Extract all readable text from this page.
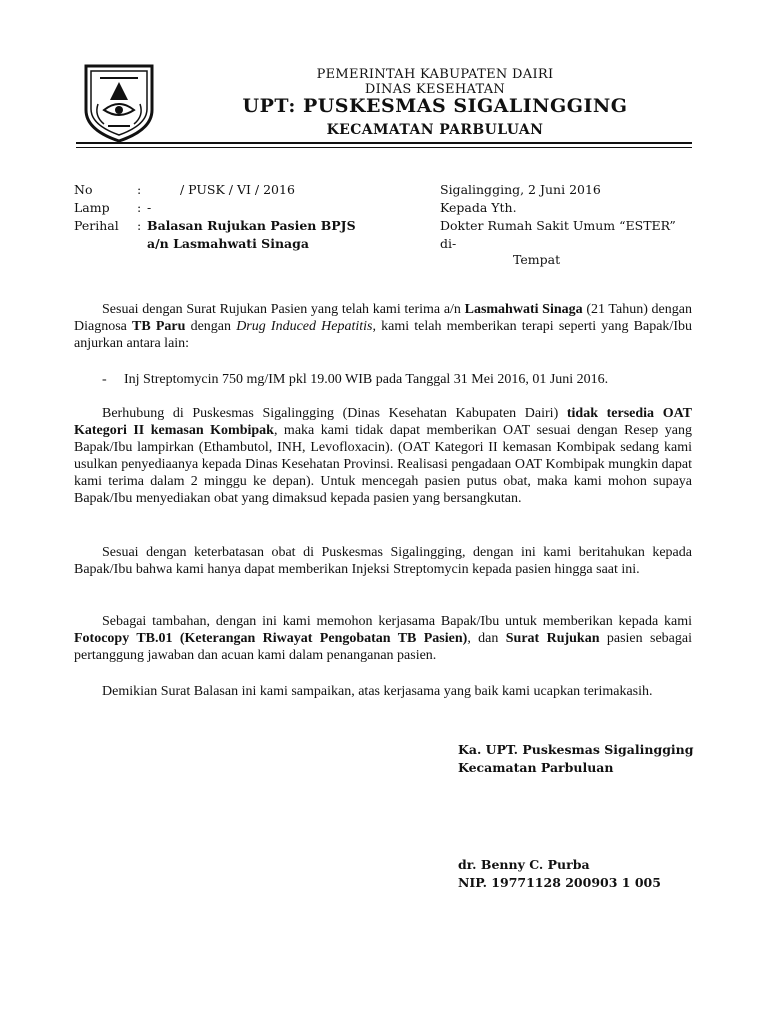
PEMERINTAH KABUPATEN DAIRI
DINAS KESEHATAN
UPT: PUSKESMAS SIGALINGGING
KECAMATAN PARBULUAN
No	:	/ PUSK / VI / 2016
Lamp : -
Perihal : Balasan Rujukan Pasien BPJS
a/n Lasmahwati Sinaga
Sigalingging, 2 Juni 2016
Kepada Yth.
Dokter Rumah Sakit Umum “ESTER”
di-
Tempat

Sesuai dengan Surat Rujukan Pasien yang telah kami terima a/n Lasmahwati Sinaga (21 Tahun) dengan Diagnosa TB Paru dengan Drug Induced Hepatitis, kami telah memberikan terapi seperti yang Bapak/Ibu anjurkan antara lain:

- Inj Streptomycin 750 mg/IM pkl 19.00 WIB pada Tanggal 31 Mei 2016, 01 Juni 2016.

Berhubung di Puskesmas Sigalingging (Dinas Kesehatan Kabupaten Dairi) tidak tersedia OAT Kategori II kemasan Kombipak, maka kami tidak dapat memberikan OAT sesuai dengan Resep yang Bapak/Ibu lampirkan (Ethambutol, INH, Levofloxacin). (OAT Kategori II kemasan Kombipak sedang kami usulkan penyediaanya kepada Dinas Kesehatan Provinsi. Realisasi pengadaan OAT Kombipak mungkin dapat kami terima dalam 2 minggu ke depan). Untuk mencegah pasien putus obat, maka kami mohon supaya Bapak/Ibu menyediakan obat yang dimaksud kepada pasien yang bersangkutan.

Sesuai dengan keterbatasan obat di Puskesmas Sigalingging, dengan ini kami beritahukan kepada Bapak/Ibu bahwa kami hanya dapat memberikan Injeksi Streptomycin kepada pasien hingga saat ini.

Sebagai tambahan, dengan ini kami memohon kerjasama Bapak/Ibu untuk memberikan kepada kami Fotocopy TB.01 (Keterangan Riwayat Pengobatan TB Pasien), dan Surat Rujukan pasien sebagai pertanggung jawaban dan acuan kami dalam penanganan pasien.

Demikian Surat Balasan ini kami sampaikan, atas kerjasama yang baik kami ucapkan terimakasih.

Ka. UPT. Puskesmas Sigalingging
Kecamatan Parbuluan
dr. Benny C. Purba
NIP. 19771128 200903 1 005
